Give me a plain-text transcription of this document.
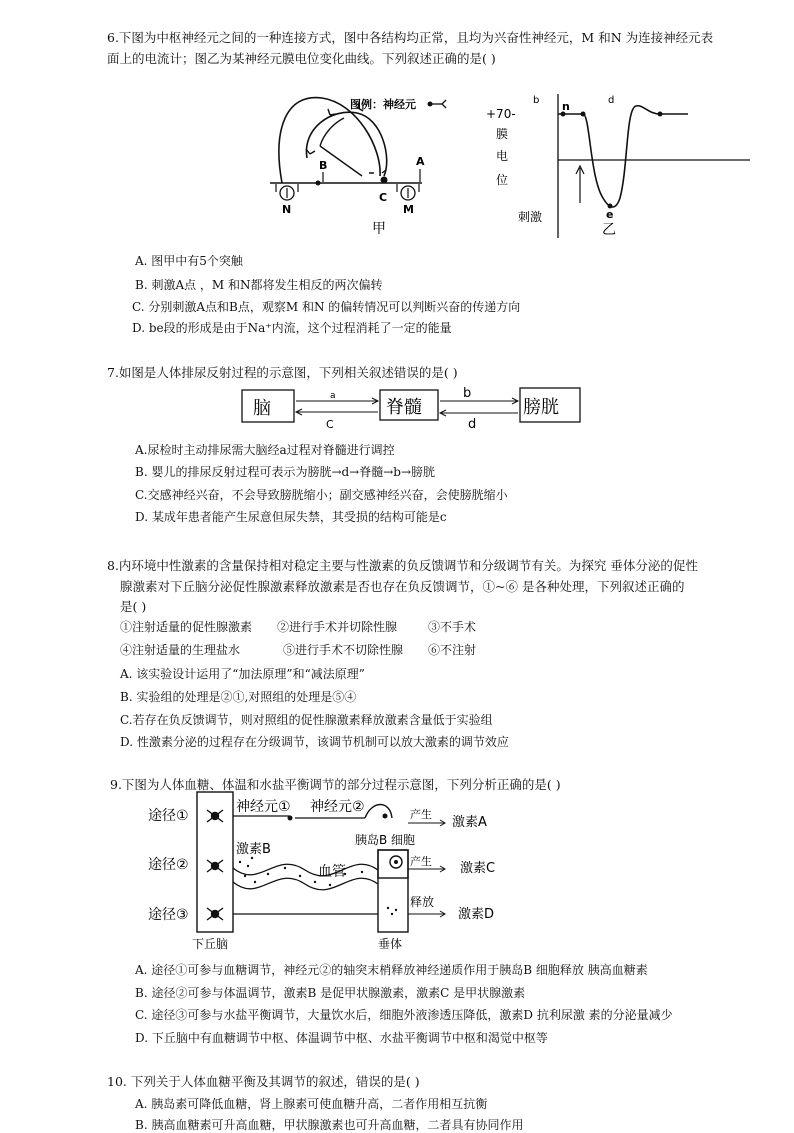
6.下图为中枢神经元之间的一种连接方式，图中各结构均正常，且均为兴奋性神经元，M 和N 为连接神经元表
面上的电流计；图乙为某神经元膜电位变化曲线。下列叙述正确的是( )
B	A
C
N	M
图例：神经元
甲
+70-
膜
电
位
b n	d
e
刺激
乙
A. 图甲中有5个突触
B. 刺激A点 ，M 和N都将发生相反的两次偏转
C. 分别刺激A点和B点，观察M 和N 的偏转情况可以判断兴奋的传递方向
D. be段的形成是由于Na⁺内流，这个过程消耗了一定的能量
7.如图是人体排尿反射过程的示意图，下列相关叙述错误的是( )
脑	脊髓	膀胱
a
C
b
d
A.尿检时主动排尿需大脑经a过程对脊髓进行调控
B. 婴儿的排尿反射过程可表示为膀胱→d→脊髓→b→膀胱
C.交感神经兴奋，不会导致膀胱缩小；副交感神经兴奋，会使膀胱缩小
D. 某成年患者能产生尿意但尿失禁，其受损的结构可能是c
8.内环境中性激素的含量保持相对稳定主要与性激素的负反馈调节和分级调节有关。为探究 垂体分泌的促性
腺激素对下丘脑分泌促性腺激素释放激素是否也存在负反馈调节，①~⑥ 是各种处理，下列叙述正确的
是( )
①注射适量的促性腺激素 ②进行手术并切除性腺	③不手术
④注射适量的生理盐水	⑤进行手术不切除性腺 ⑥不注射
A. 该实验设计运用了“加法原理”和“减法原理”
B. 实验组的处理是②①,对照组的处理是⑤④
C.若存在负反馈调节，则对照组的促性腺激素释放激素含量低于实验组
D. 性激素分泌的过程存在分级调节，该调节机制可以放大激素的调节效应
9.下图为人体血糖、体温和水盐平衡调节的部分过程示意图，下列分析正确的是( )
途径①
途径②
途径③
神经元① 神经元②	产生
激素A
胰岛B 细胞
激素B
血管
产生 激素C
释放
激素D
下丘脑	垂体
A. 途径①可参与血糖调节，神经元②的轴突末梢释放神经递质作用于胰岛B 细胞释放 胰高血糖素
B. 途径②可参与体温调节，激素B 是促甲状腺激素，激素C 是甲状腺激素
C. 途径③可参与水盐平衡调节，大量饮水后，细胞外液渗透压降低，激素D 抗利尿激 素的分泌量减少
D. 下丘脑中有血糖调节中枢、体温调节中枢、水盐平衡调节中枢和渴觉中枢等
10. 下列关于人体血糖平衡及其调节的叙述，错误的是( )
A. 胰岛素可降低血糖，肾上腺素可使血糖升高，二者作用相互抗衡
B. 胰高血糖素可升高血糖，甲状腺激素也可升高血糖，二者具有协同作用
